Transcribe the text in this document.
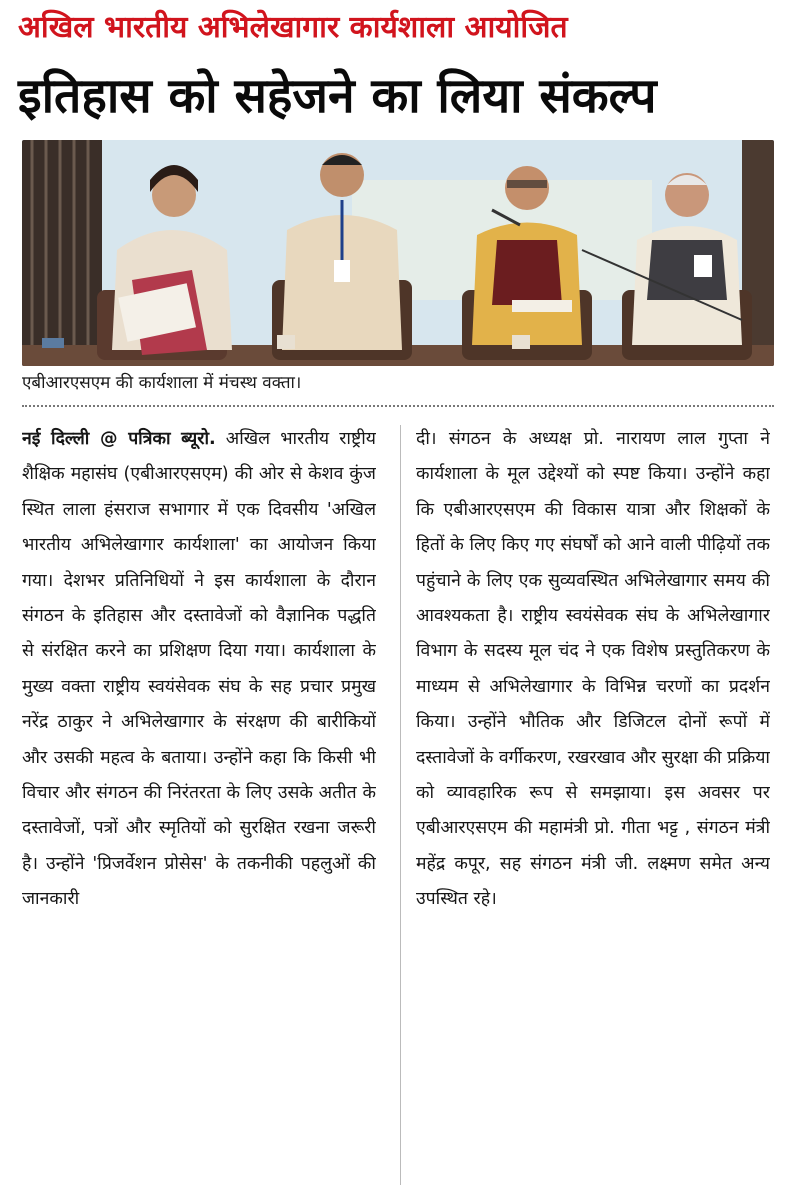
अखिल भारतीय अभिलेखागार कार्यशाला आयोजित
इतिहास को सहेजने का लिया संकल्प
एबीआरएसएम की कार्यशाला में मंचस्थ वक्ता।
नई दिल्ली @ पत्रिका ब्यूरो. अखिल भारतीय राष्ट्रीय शैक्षिक महासंघ (एबीआरएसएम) की ओर से केशव कुंज स्थित लाला हंसराज सभागार में एक दिवसीय 'अखिल भारतीय अभिलेखागार कार्यशाला' का आयोजन किया गया। देशभर प्रतिनिधियों ने इस कार्यशाला के दौरान संगठन के इतिहास और दस्तावेजों को वैज्ञानिक पद्धति से संरक्षित करने का प्रशिक्षण दिया गया। कार्यशाला के मुख्य वक्ता राष्ट्रीय स्वयंसेवक संघ के सह प्रचार प्रमुख नरेंद्र ठाकुर ने अभिलेखागार के संरक्षण की बारीकियों और उसकी महत्व के बताया। उन्होंने कहा कि किसी भी विचार और संगठन की निरंतरता के लिए उसके अतीत के दस्तावेजों, पत्रों और स्मृतियों को सुरक्षित रखना जरूरी है। उन्होंने 'प्रिजर्वेशन प्रोसेस' के तकनीकी पहलुओं की जानकारी
दी। संगठन के अध्यक्ष प्रो. नारायण लाल गुप्ता ने कार्यशाला के मूल उद्देश्यों को स्पष्ट किया। उन्होंने कहा कि एबीआरएसएम की विकास यात्रा और शिक्षकों के हितों के लिए किए गए संघर्षों को आने वाली पीढ़ियों तक पहुंचाने के लिए एक सुव्यवस्थित अभिलेखागार समय की आवश्यकता है। राष्ट्रीय स्वयंसेवक संघ के अभिलेखागार विभाग के सदस्य मूल चंद ने एक विशेष प्रस्तुतिकरण के माध्यम से अभिलेखागार के विभिन्न चरणों का प्रदर्शन किया। उन्होंने भौतिक और डिजिटल दोनों रूपों में दस्तावेजों के वर्गीकरण, रखरखाव और सुरक्षा की प्रक्रिया को व्यावहारिक रूप से समझाया। इस अवसर पर एबीआरएसएम की महामंत्री प्रो. गीता भट्ट , संगठन मंत्री महेंद्र कपूर, सह संगठन मंत्री जी. लक्ष्मण समेत अन्य उपस्थित रहे।
